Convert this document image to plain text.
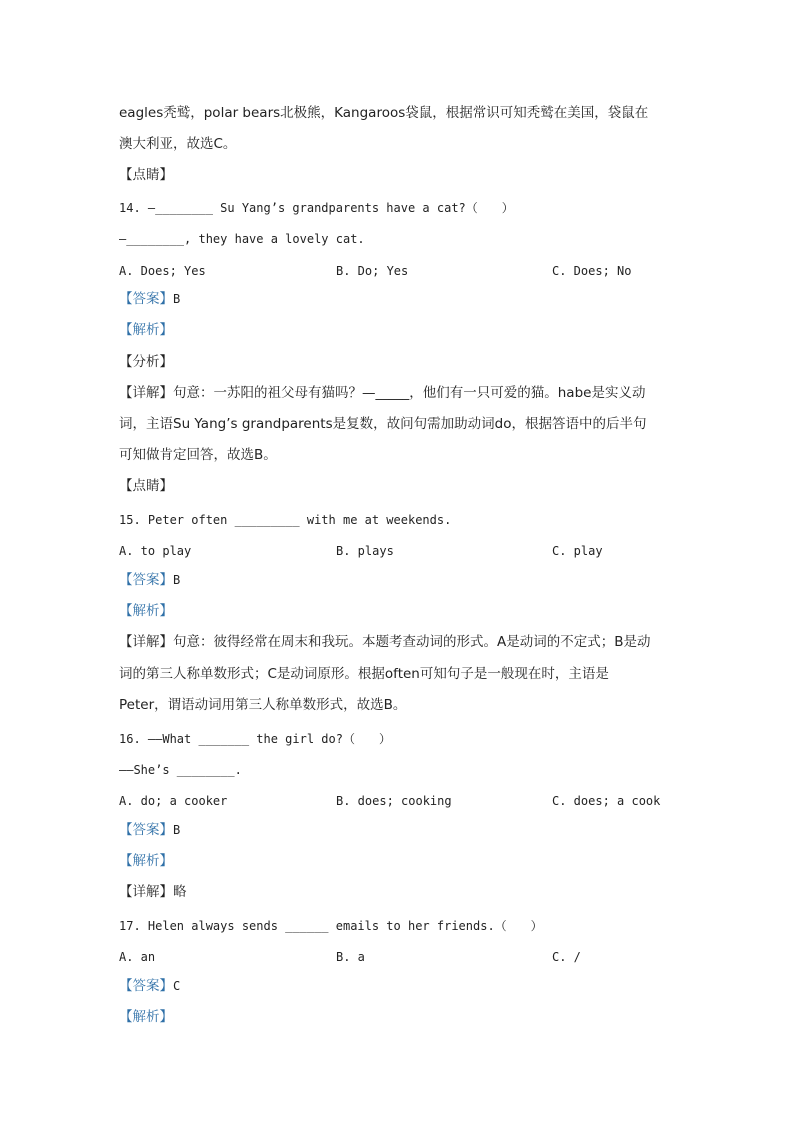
eagles秃鹫，polar bears北极熊，Kangaroos袋鼠，根据常识可知秃鹫在美国，袋鼠在
澳大利亚，故选C。
【点睛】
14. —________ Su Yang’s grandparents have a cat?（　　）
—________, they have a lovely cat.
A. Does; Yes	B. Do; Yes	C. Does; No
【答案】B
【解析】
【分析】
【详解】句意：一苏阳的祖父母有猫吗？—_____，他们有一只可爱的猫。habe是实义动
词，主语Su Yang’s grandparents是复数，故问句需加助动词do，根据答语中的后半句
可知做肯定回答，故选B。
【点睛】
15. Peter often _________ with me at weekends.
A. to play	B. plays	C. play
【答案】B
【解析】
【详解】句意：彼得经常在周末和我玩。本题考查动词的形式。A是动词的不定式；B是动
词的第三人称单数形式；C是动词原形。根据often可知句子是一般现在时，主语是
Peter，谓语动词用第三人称单数形式，故选B。
16. ——What _______ the girl do?（　　）
——She’s ________.
A. do; a cooker	B. does; cooking	C. does; a cook
【答案】B
【解析】
【详解】略
17. Helen always sends ______ emails to her friends.（　　）
A. an	B. a	C. /
【答案】C
【解析】
